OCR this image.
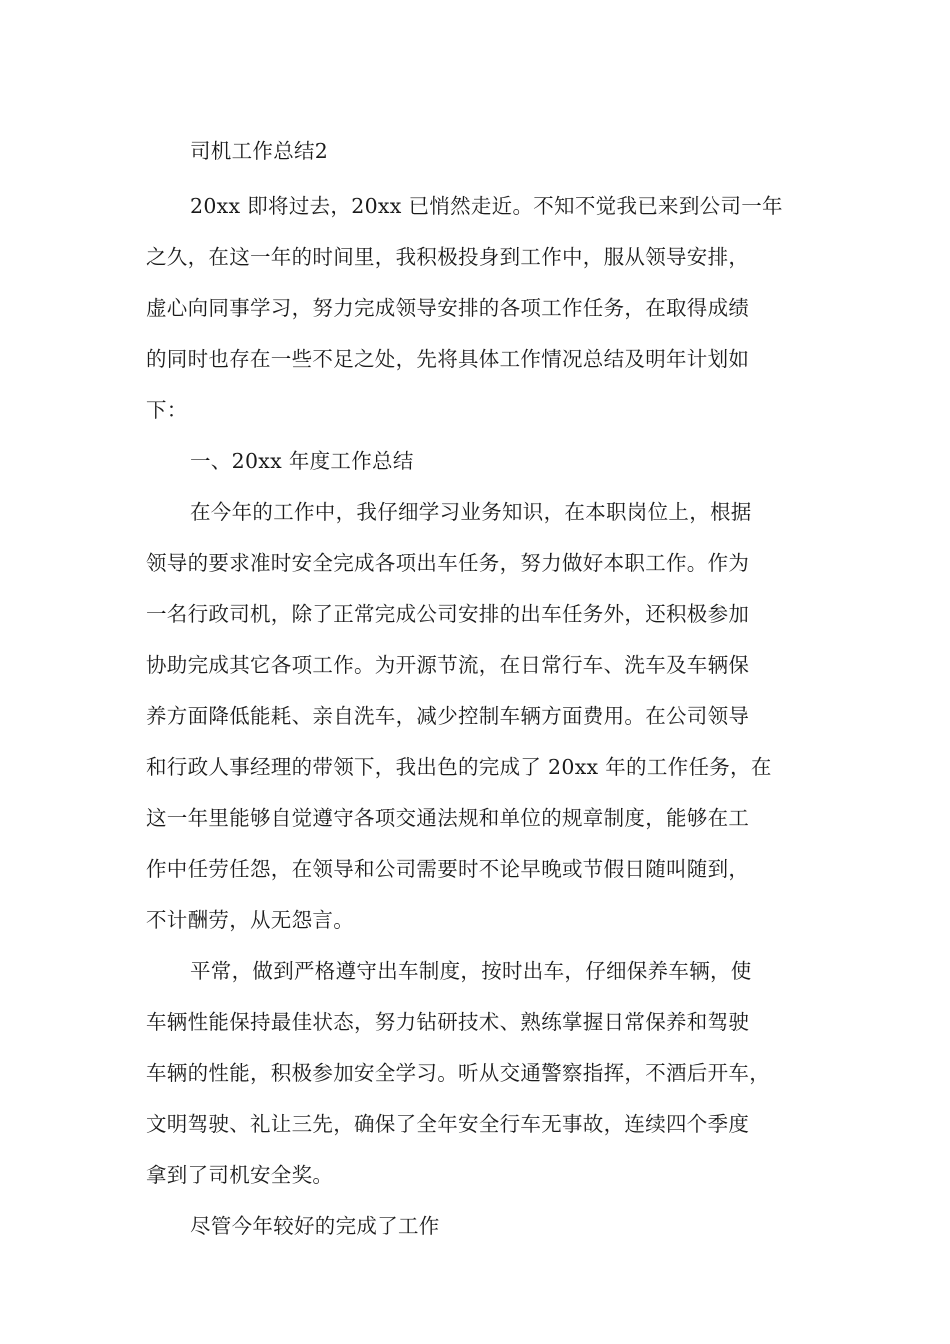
司机工作总结2
20xx 即将过去，20xx 已悄然走近。不知不觉我已来到公司一年
之久，在这一年的时间里，我积极投身到工作中，服从领导安排，
虚心向同事学习，努力完成领导安排的各项工作任务，在取得成绩
的同时也存在一些不足之处，先将具体工作情况总结及明年计划如
下：
一、20xx 年度工作总结
在今年的工作中，我仔细学习业务知识，在本职岗位上，根据
领导的要求准时安全完成各项出车任务，努力做好本职工作。作为
一名行政司机，除了正常完成公司安排的出车任务外，还积极参加
协助完成其它各项工作。为开源节流，在日常行车、洗车及车辆保
养方面降低能耗、亲自洗车，减少控制车辆方面费用。在公司领导
和行政人事经理的带领下，我出色的完成了 20xx 年的工作任务，在
这一年里能够自觉遵守各项交通法规和单位的规章制度，能够在工
作中任劳任怨，在领导和公司需要时不论早晚或节假日随叫随到，
不计酬劳，从无怨言。
平常，做到严格遵守出车制度，按时出车，仔细保养车辆，使
车辆性能保持最佳状态，努力钻研技术、熟练掌握日常保养和驾驶
车辆的性能，积极参加安全学习。听从交通警察指挥，不酒后开车，
文明驾驶、礼让三先，确保了全年安全行车无事故，连续四个季度
拿到了司机安全奖。
尽管今年较好的完成了工作
